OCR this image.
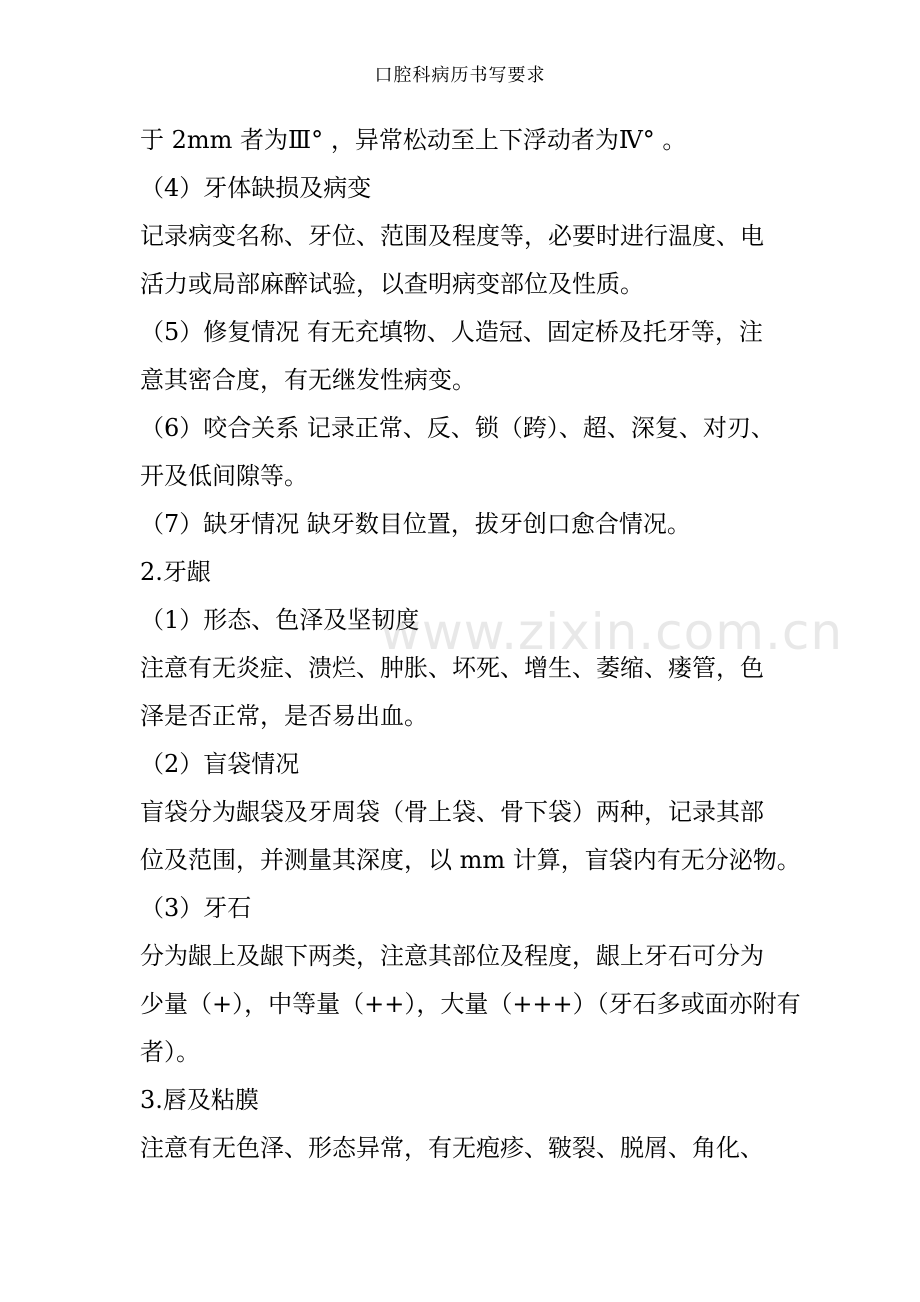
口腔科病历书写要求
于 2mm 者为Ⅲ° ，异常松动至上下浮动者为Ⅳ° 。
（4）牙体缺损及病变
记录病变名称、牙位、范围及程度等，必要时进行温度、电
活力或局部麻醉试验，以查明病变部位及性质。
（5）修复情况 有无充填物、人造冠、固定桥及托牙等，注
意其密合度，有无继发性病变。
（6）咬合关系 记录正常、反、锁（跨）、超、深复、对刃、
开及低间隙等。
（7）缺牙情况 缺牙数目位置，拔牙创口愈合情况。
2.牙龈
（1）形态、色泽及坚韧度
注意有无炎症、溃烂、肿胀、坏死、增生、萎缩、瘘管，色
泽是否正常，是否易出血。
（2）盲袋情况
盲袋分为龈袋及牙周袋（骨上袋、骨下袋）两种，记录其部
位及范围，并测量其深度，以 mm 计算，盲袋内有无分泌物。
（3）牙石
分为龈上及龈下两类，注意其部位及程度，龈上牙石可分为
少量（+），中等量（++），大量（+++）（牙石多或面亦附有
者）。
3.唇及粘膜
注意有无色泽、形态异常，有无疱疹、皲裂、脱屑、角化、
www.zixin.com.cn
